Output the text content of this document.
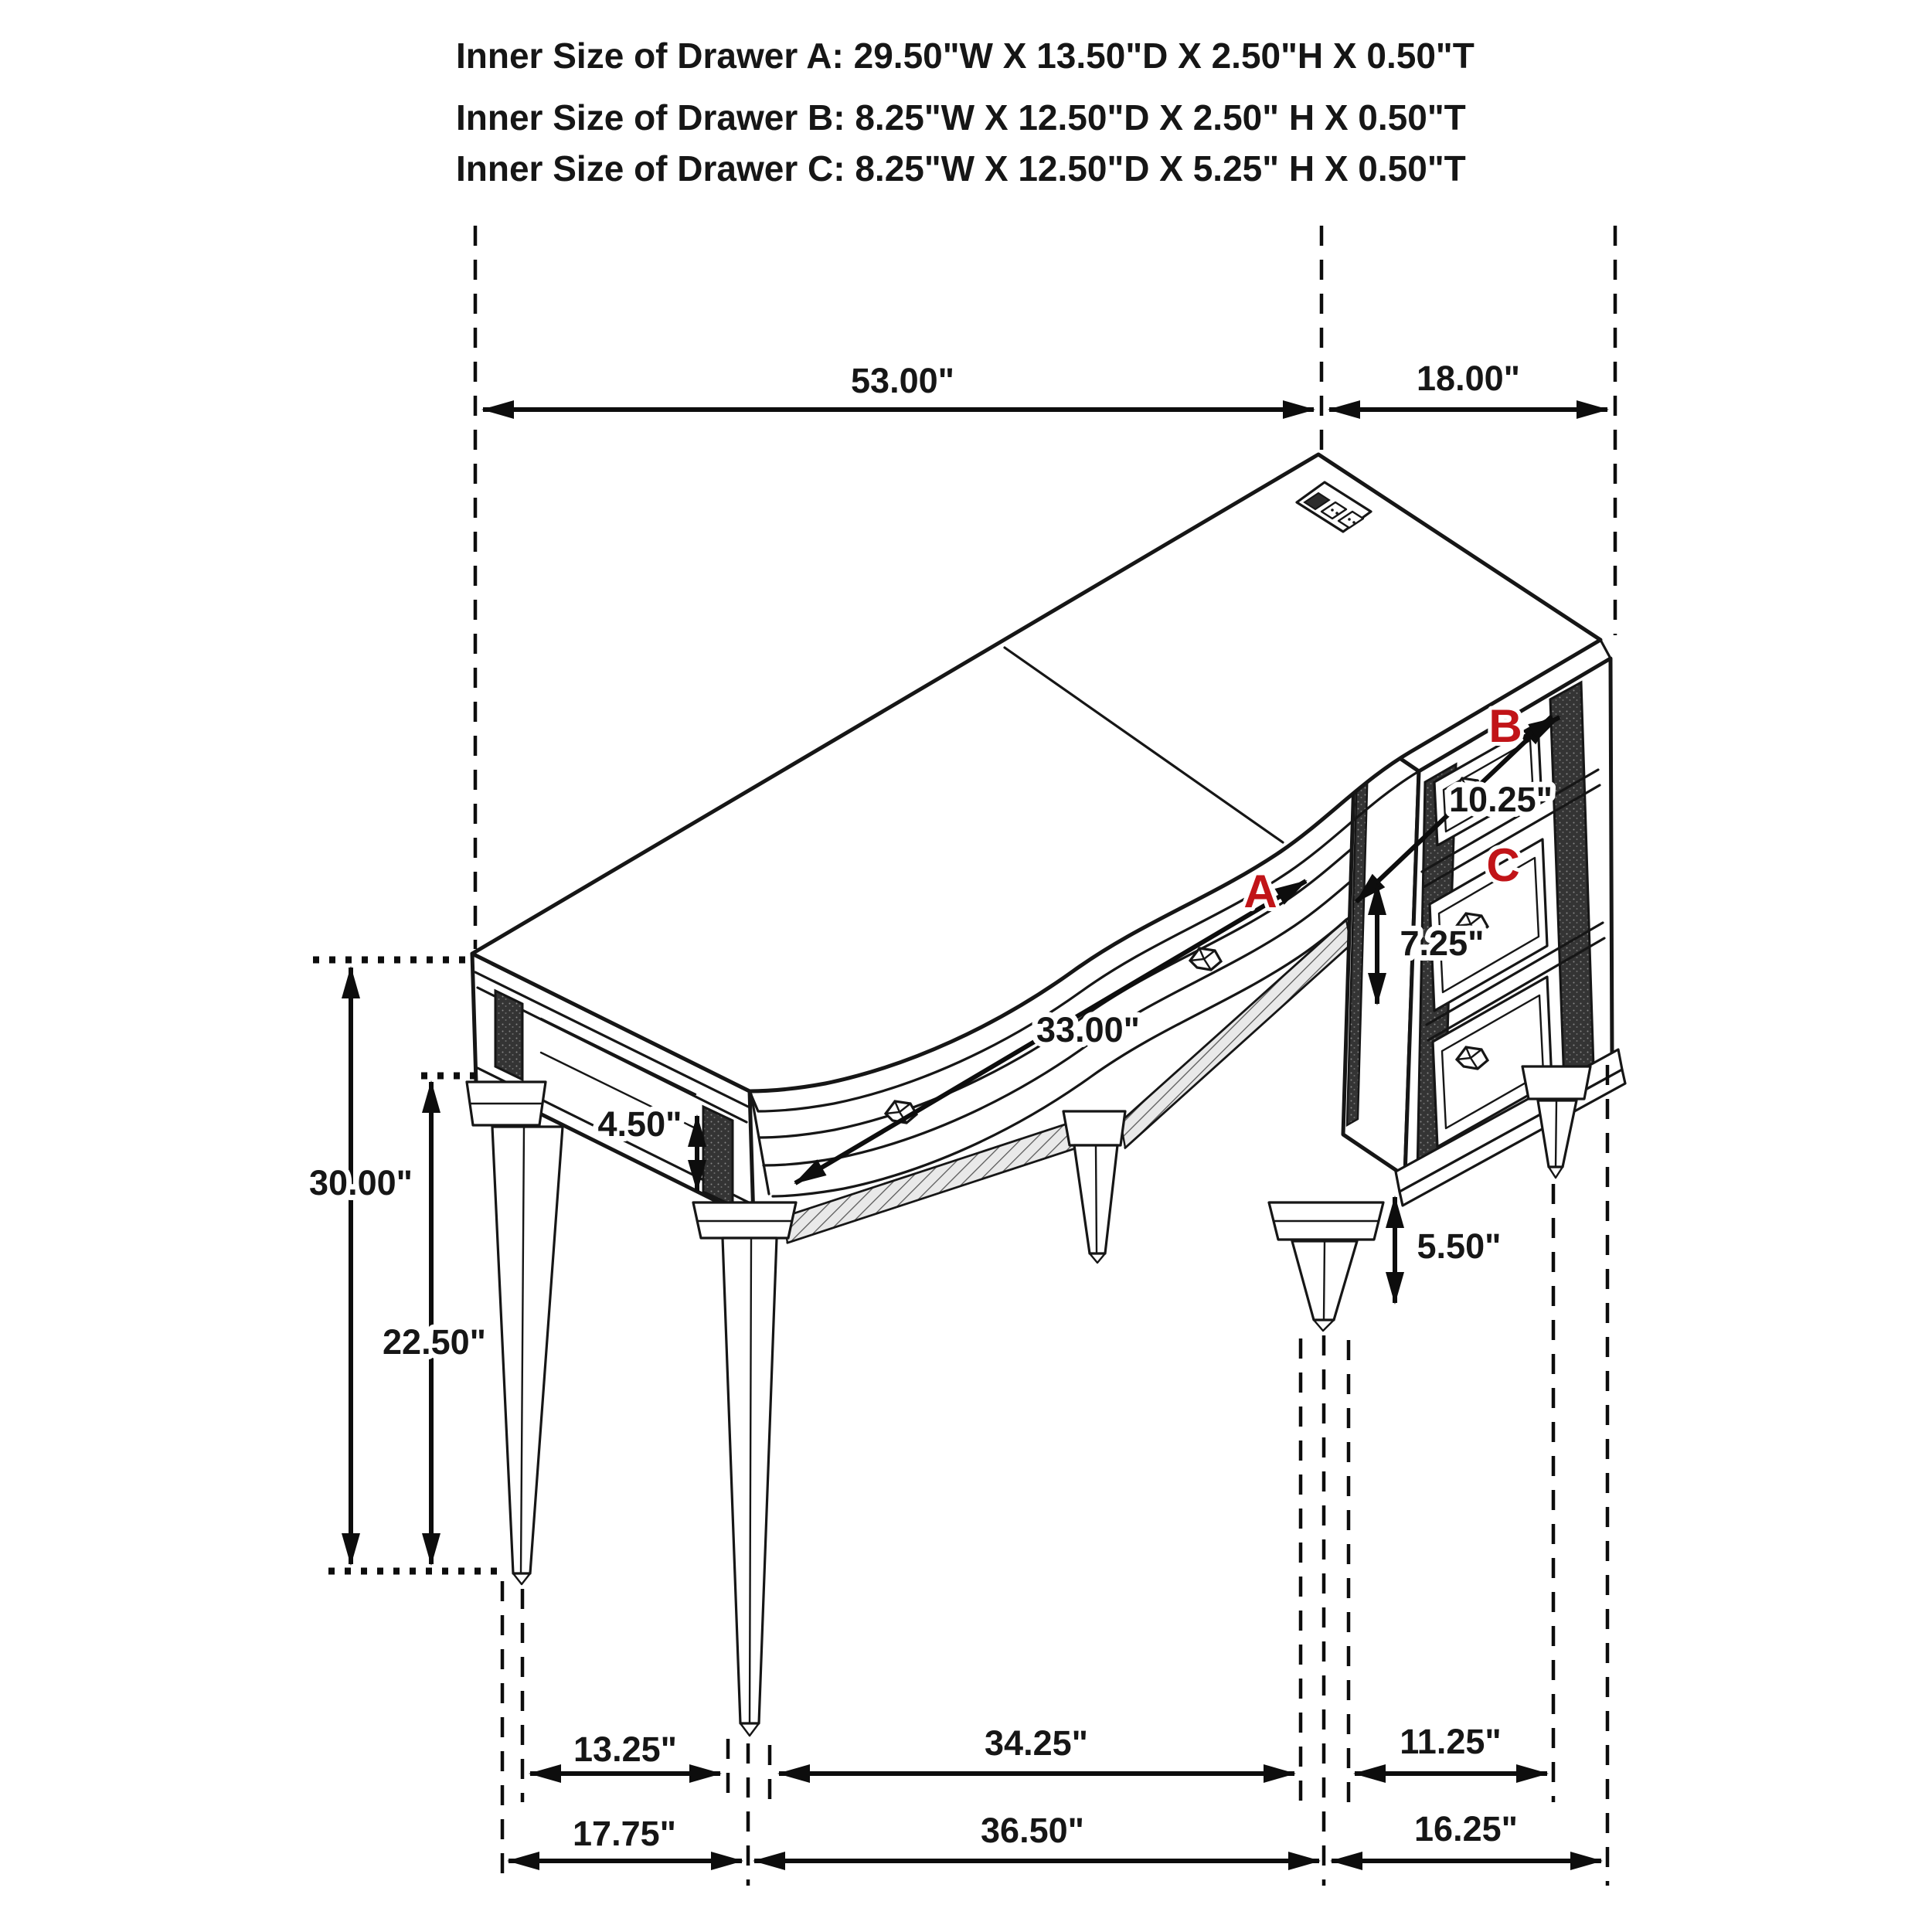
Inner Size of Drawer A: 29.50"W X 13.50"D X 2.50"H X 0.50"T
Inner Size of Drawer B: 8.25"W X 12.50"D X 2.50" H X 0.50"T
Inner Size of Drawer C: 8.25"W X 12.50"D X 5.25" H X 0.50"T
53.00"	18.00"
30.00"
22.50"
4.50"
33.00"
10.25"
7.25"
5.50"
13.25"	34.25"	11.25"
17.75"	36.50"	16.25"
A
B
C
